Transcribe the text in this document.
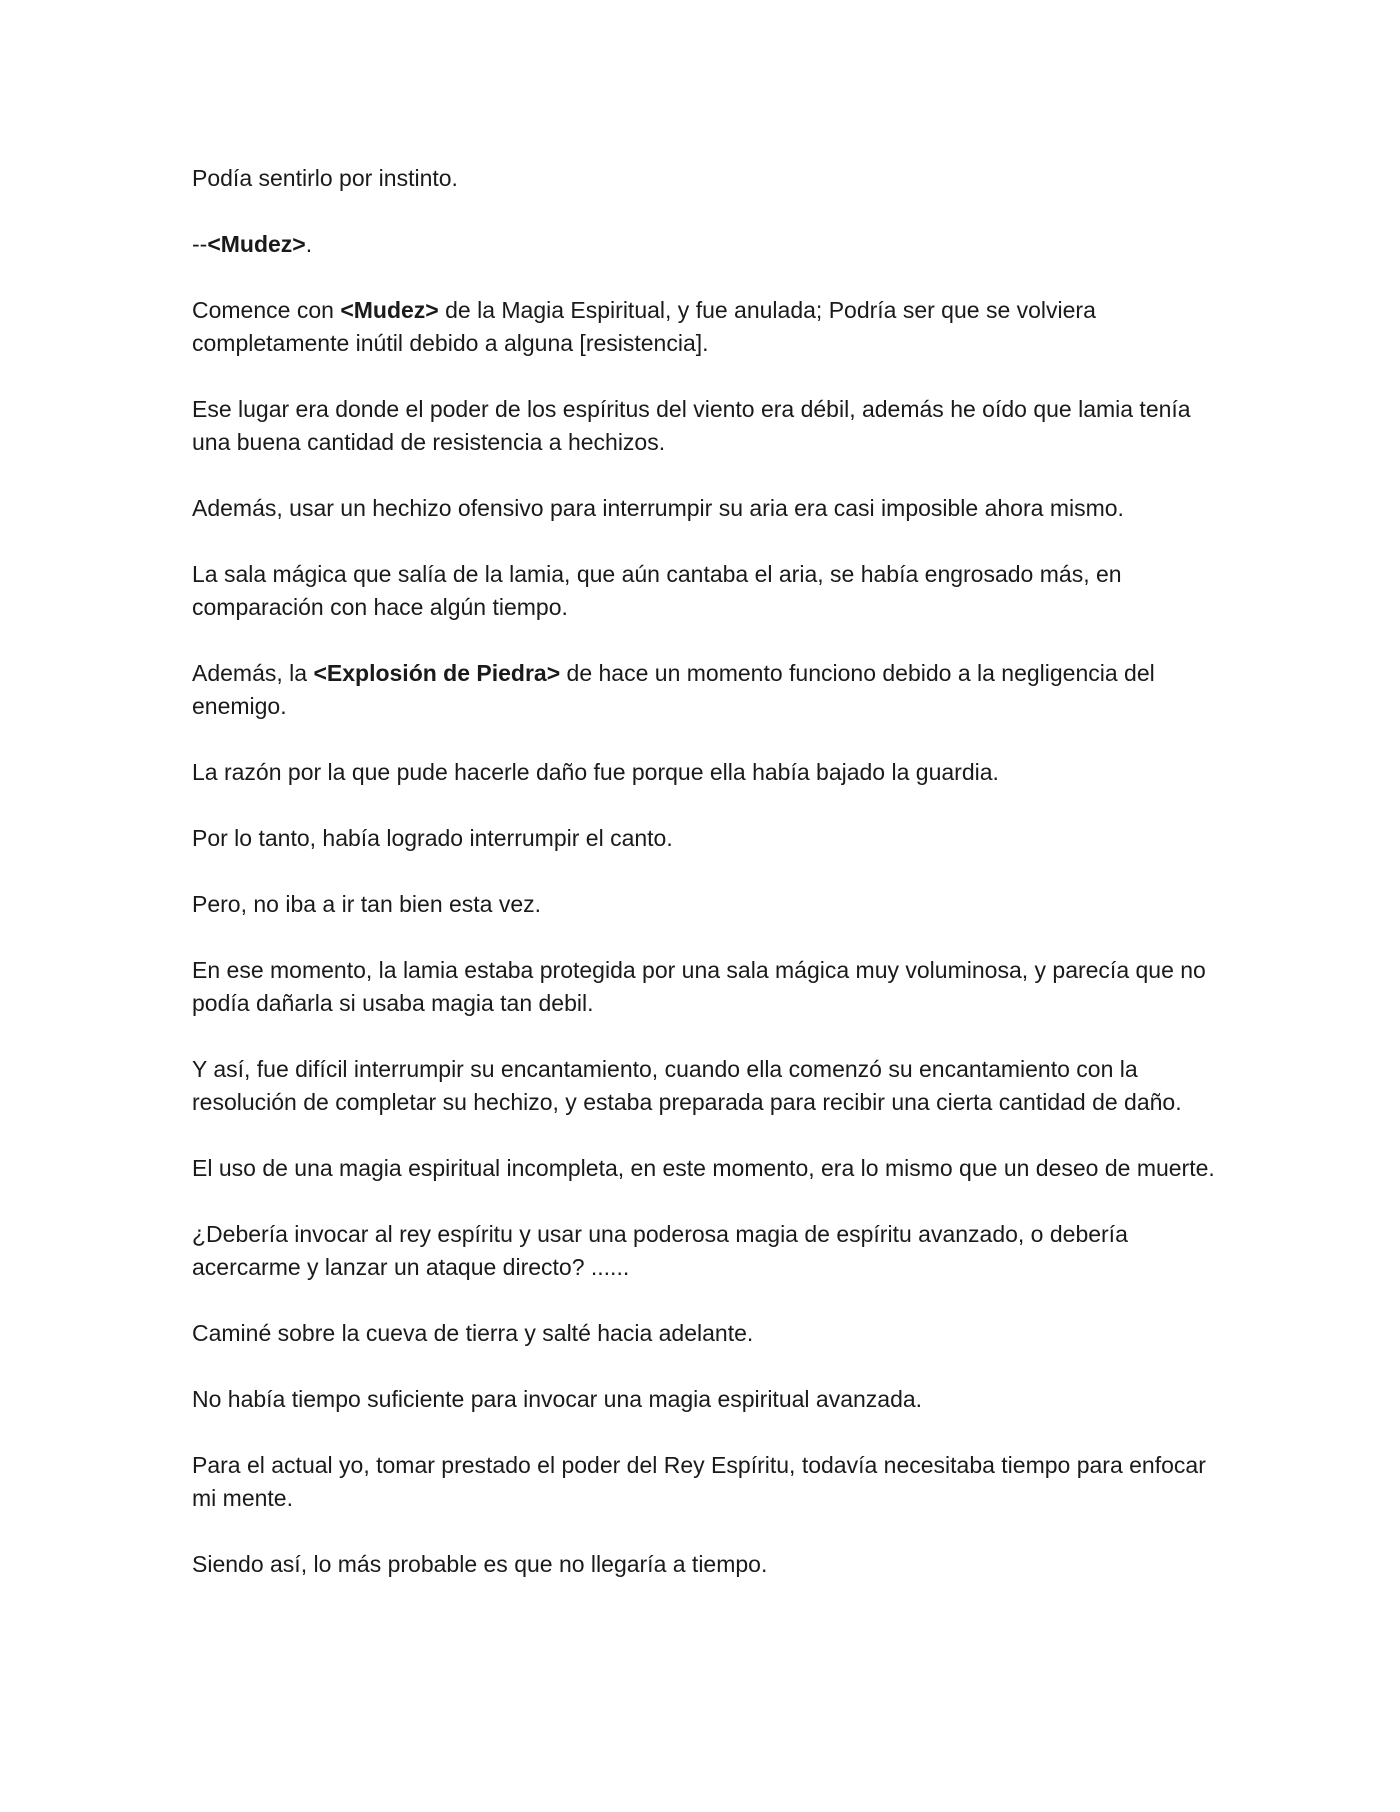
Podía sentirlo por instinto.

--<Mudez>.

Comence con <Mudez> de la Magia Espiritual, y fue anulada; Podría ser que se volviera completamente inútil debido a alguna [resistencia].

Ese lugar era donde el poder de los espíritus del viento era débil, además he oído que lamia tenía una buena cantidad de resistencia a hechizos.

Además, usar un hechizo ofensivo para interrumpir su aria era casi imposible ahora mismo.

La sala mágica que salía de la lamia, que aún cantaba el aria, se había engrosado más, en comparación con hace algún tiempo.

Además, la <Explosión de Piedra> de hace un momento funciono debido a la negligencia del enemigo.

La razón por la que pude hacerle daño fue porque ella había bajado la guardia.

Por lo tanto, había logrado interrumpir el canto.

Pero, no iba a ir tan bien esta vez.

En ese momento, la lamia estaba protegida por una sala mágica muy voluminosa, y parecía que no podía dañarla si usaba magia tan debil.

Y así, fue difícil interrumpir su encantamiento, cuando ella comenzó su encantamiento con la resolución de completar su hechizo, y estaba preparada para recibir una cierta cantidad de daño.

El uso de una magia espiritual incompleta, en este momento, era lo mismo que un deseo de muerte.

¿Debería invocar al rey espíritu y usar una poderosa magia de espíritu avanzado, o debería acercarme y lanzar un ataque directo? ......

Caminé sobre la cueva de tierra y salté hacia adelante.

No había tiempo suficiente para invocar una magia espiritual avanzada.

Para el actual yo, tomar prestado el poder del Rey Espíritu, todavía necesitaba tiempo para enfocar mi mente.

Siendo así, lo más probable es que no llegaría a tiempo.
